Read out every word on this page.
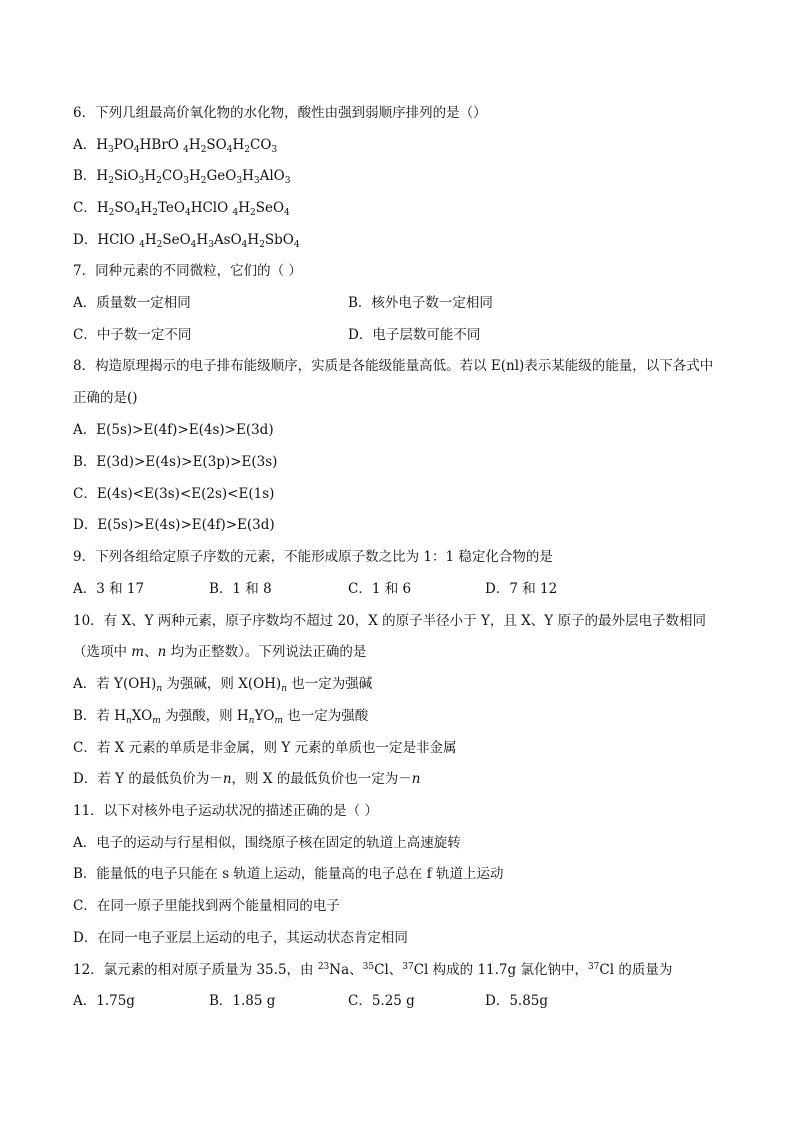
6．下列几组最高价氧化物的水化物，酸性由强到弱顺序排列的是（）
A．$H_3PO_4HBrO$ $_4H_2SO_4H_2CO_3$
B．$H_2SiO_3H_2CO_3H_2GeO_3H_3AlO_3$
C．$H_2SO_4H_2TeO_4HClO$ $_4H_2SeO_4$
D．HClO $_4H_2SeO_4H_3AsO_4H_2SbO_4$
7．同种元素的不同微粒，它们的（ ）
A．质量数一定相同	B．核外电子数一定相同
C．中子数一定不同	D．电子层数可能不同
8．构造原理揭示的电子排布能级顺序，实质是各能级能量高低。若以 E(nl)表示某能级的能量，以下各式中
正确的是()
A．E(5s)>E(4f)>E(4s)>E(3d)
B．E(3d)>E(4s)>E(3p)>E(3s)
C．E(4s)<E(3s)<E(2s)<E(1s)
D．E(5s)>E(4s)>E(4f)>E(3d)
9．下列各组给定原子序数的元素，不能形成原子数之比为 1：1 稳定化合物的是
A．3 和 17	B．1 和 8	C．1 和 6	D．7 和 12
10．有 X、Y 两种元素，原子序数均不超过 20，X 的原子半径小于 Y，且 X、Y 原子的最外层电子数相同
（选项中 m、n 均为正整数）。下列说法正确的是
A．若 $Y(OH)_n$ 为强碱，则 $X(OH)_n$ 也一定为强碱
B．若 $H_nXO_m$ 为强酸，则 $H_nYO_m$ 也一定为强酸
C．若 X 元素的单质是非金属，则 Y 元素的单质也一定是非金属
D．若 Y 的最低负价为－n，则 X 的最低负价也一定为－n
11．以下对核外电子运动状况的描述正确的是（ ）
A．电子的运动与行星相似，围绕原子核在固定的轨道上高速旋转
B．能量低的电子只能在 s 轨道上运动，能量高的电子总在 f 轨道上运动
C．在同一原子里能找到两个能量相同的电子
D．在同一电子亚层上运动的电子，其运动状态肯定相同
12．氯元素的相对原子质量为 35.5，由 $^{23}$Na、$^{35}$Cl、$^{37}$Cl 构成的 11.7g 氯化钠中，$^{37}$Cl 的质量为
A．1.75g	B．1.85 g	C．5.25 g	D．5.85g
